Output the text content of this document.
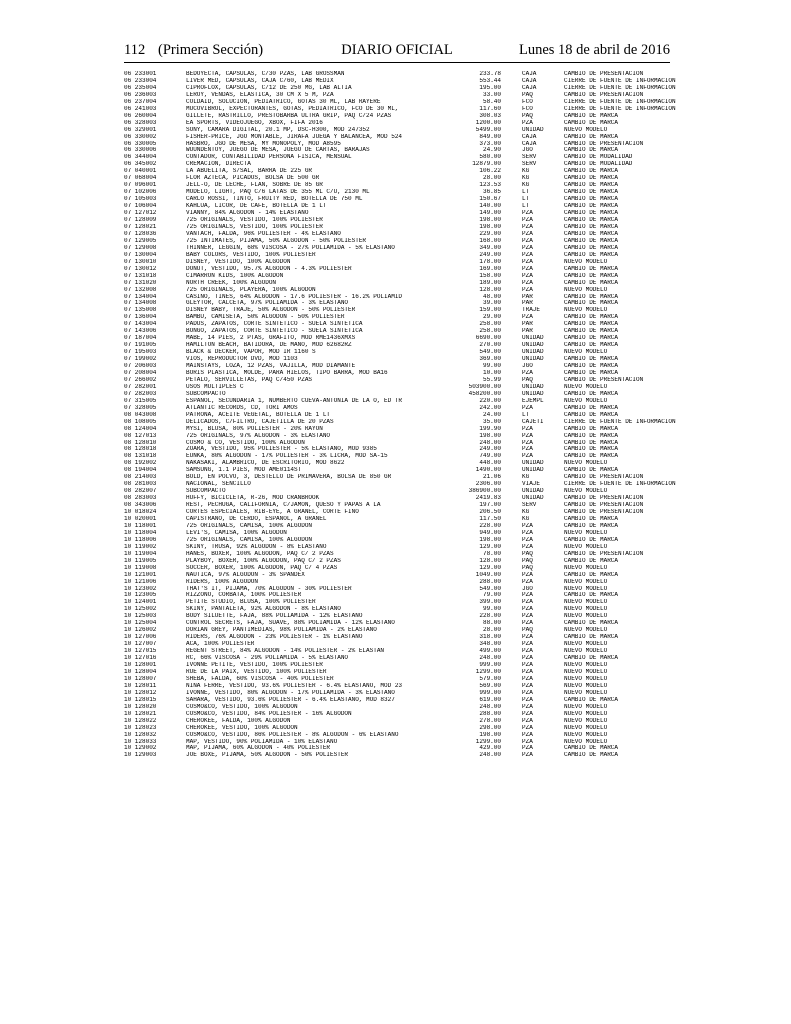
DIARIO OFICIAL
112 (Primera Sección)	Lunes 18 de abril de 2016
06 233001	BEDOYECTA, CAPSULAS, C/30 PZAS, LAB GROSSMAN	233.78		CAJA	CAMBIO DE PRESENTACION
06 233004	LIVER MED, CAPSULAS, CAJA C/60, LAB MEDIX	553.44		CAJA	CIERRE DE FUENTE DE INFORMACION
06 235004	CIPROFLOX, CAPSULAS, C/12 DE 250 MG, LAB ALTIA	195.00		CAJA	CIERRE DE FUENTE DE INFORMACION
06 236003	LEROY, VENDAS, ELASTICA, 30 CM X 5 M, PZA	33.00		PAQ	CAMBIO DE PRESENTACION
06 237004	COLDAID, SOLUCION, PEDIATRICO, GOTAS 30 ML, LAB RAYERE	58.40		FCO	CIERRE DE FUENTE DE INFORMACION
06 241003	MUCOVIBROL, EXPECTORANTES, GOTAS, PEDIATRICO, FCO DE 30 ML,	117.60		FCO	CIERRE DE FUENTE DE INFORMACION
06 260004	GILLETE, RASTRILLO, PRESTOBARBA ULTRA GRIP, PAQ C/24 PZAS	308.03		PAQ	CAMBIO DE MARCA
06 328003	EA SPORTS, VIDEOJUEGO, XBOX, FIFA 2016	1200.00		PZA	CAMBIO DE MARCA
06 329001	SONY, CAMARA DIGITAL, 20.1 MP, DSC-H300, MOD 247352	5499.00		UNIDAD	NUEVO MODELO
06 330002	FISHER-PRICE, JGO MONTABLE, JIRAFA JUEGA Y BALANCEA, MOD 524	849.00		CAJA	CAMBIO DE MARCA
06 330005	HASBRO, JGO DE MESA, MY MONOPOLY, MOD A8595	373.00		CAJA	CAMBIO DE PRESENTACION
06 330006	WUUNDENTOY, JUEGO DE MESA, JUEGO DE CARTAS, BARAJAS	24.90		JGO	CAMBIO DE MARCA
06 344004	CONTADOR, CONTABILIDAD PERSONA FISICA, MENSUAL	580.00		SERV	CAMBIO DE MODALIDAD
06 345002	CREMACION, DIRECTA	12879.00		SERV	CAMBIO DE MODALIDAD
07 040001	LA ABUELITA, S/SAL, BARRA DE 225 GR	106.22		KG	CAMBIO DE MARCA
07 068004	FLOR AZTECA, PICADOS, BOLSA DE 500 GR	28.00		KG	CAMBIO DE MARCA
07 096001	JELL-O, DE LECHE, FLAN, SOBRE DE 85 GR	123.53		KG	CAMBIO DE MARCA
07 102006	MODELO, LIGHT, PAQ C/6 LATAS DE 355 ML C/U, 2130 ML	36.85		LT	CAMBIO DE MARCA
07 105003	CARLO ROSSI, TINTO, FRUITY RED, BOTELLA DE 750 ML	150.67		LT	CAMBIO DE MARCA
07 106004	KAHLUA, LICOR, DE CAFE, BOTELLA DE 1 LT	140.00		LT	CAMBIO DE MARCA
07 127012	VIANNY, 84% ALGODON - 14% ELASTANO	149.00		PZA	CAMBIO DE MARCA
07 128009	725 ORIGINALS, VESTIDO, 100% POLIESTER	198.00		PZA	CAMBIO DE MARCA
07 128021	725 ORIGINALS, VESTIDO, 100% POLIESTER	198.00		PZA	CAMBIO DE MARCA
07 128036	VANTACH, FALDA, 96% POLIESTER - 4% ELASTANO	229.00		PZA	CAMBIO DE MARCA
07 129005	725 INTIMATES, PIJAMA, 50% ALGODON - 50% POLIESTER	168.00		PZA	CAMBIO DE MARCA
07 129008	THINNER, LEGGIN, 68% VISCOSA - 27% POLIAMIDA - 5% ELASTANO	349.00		PZA	CAMBIO DE MARCA
07 130004	BABY COLORS, VESTIDO, 100% POLIESTER	249.00		PZA	CAMBIO DE MARCA
07 130010	DISNEY, VESTIDO, 100% ALGODON	178.00		PZA	NUEVO MODELO
07 130012	DONUT, VESTIDO, 95.7% ALGODON - 4.3% POLIESTER	169.00		PZA	CAMBIO DE MARCA
07 131018	CIMARRON KIDS, 100% ALGODON	158.00		PZA	CAMBIO DE MARCA
07 131020	NORTH CREEK, 100% ALGODON	189.00		PZA	CAMBIO DE MARCA
07 132008	725 ORIGINALS, PLAYERA, 100% ALGODON	128.00		PZA	NUEVO MODELO
07 134004	CASINO, TINES, 64% ALGODON - 17.6 POLIESTER - 16.2% POLIAMID	48.00		PAR	CAMBIO DE MARCA
07 134008	GLEYTOR, CALCETA, 97% POLIAMIDA - 3% ELASTANO	39.00		PAR	CAMBIO DE MARCA
07 135008	DISNEY BABY, TRAJE, 50% ALGODON - 50% POLIESTER	159.00		TRAJE	NUEVO MODELO
07 136004	BAMBU, CAMISETA, 50% ALGODON - 50% POLIESTER	29.00		PZA	CAMBIO DE MARCA
07 143004	PADUS, ZAPATOS, CORTE SINTETICO - SUELA SINTETICA	258.00		PAR	CAMBIO DE MARCA
07 143006	BONGO, ZAPATOS, CORTE SINTETICO - SUELA SINTETICA	258.00		PAR	CAMBIO DE MARCA
07 187004	MABE, 14 PIES, 2 PTAS, GRAFITO, MOD RME1436XMXS	6690.00		UNIDAD	CAMBIO DE MARCA
07 191005	HAMILTON BEACH, BATIDORA, DE MANO, MOD 62682RZ	270.00		UNIDAD	CAMBIO DE MARCA
07 195003	BLACK & DECKER, VAPOR, MOD IR 1160 S	549.00		UNIDAD	NUEVO MODELO
07 199002	VIOS, REPRODUCTOR DVD, MOD 1103	369.00		UNIDAD	CAMBIO DE MARCA
07 206003	MAINSTAYS, LOZA, 12 PZAS, VAJILLA, MOD DIAMANTE	99.00		JGO	CAMBIO DE MARCA
07 208004	BORIS PLASTICA, MOLDE, PARA HIELOS, TIPO BARRA, MOD BA16	10.00		PZA	CAMBIO DE MARCA
07 266002	PETALO, SERVILLETAS, PAQ C/450 PZAS	55.99		PAQ	CAMBIO DE PRESENTACION
07 282001	USOS MULTIPLES C	503900.00		UNIDAD	NUEVO MODELO
07 282003	SUBCOMPACTO	458200.00		UNIDAD	CAMBIO DE MARCA
07 315005	ESPAÑOL, SECUNDARIA 1, NUMBERTO CUEVA-ANTONIA DE LA O, ED TR	220.00		EJEMPL	NUEVO MODELO
07 328005	ATLANTIC RECORDS, CD, TORI AMOS	242.00		PZA	CAMBIO DE MARCA
08 043008	PATRONA, ACEITE VEGETAL, BOTELLA DE 1 LT	24.00		LT	CAMBIO DE MARCA
08 108005	DELICADOS, C/FILTRO, CAJETILLA DE 20 PZAS	35.00		CAJETI	CIERRE DE FUENTE DE INFORMACION
08 124004	MYSI, BLUSA, 80% POLIESTER - 20% RAYON	199.90		PZA	CAMBIO DE MARCA
08 127013	725 ORIGINALS, 97% ALGODON - 3% ELASTANO	198.00		PZA	CAMBIO DE MARCA
08 128010	COSMO & CO, VESTIDO, 100% ALGODON	248.00		PZA	CAMBIO DE MARCA
08 128018	ZOARA, VESTIDO, 95% POLIESTER - 5% ELASTANO, MOD 9385	249.00		PZA	CAMBIO DE MARCA
08 131018	EUNKA, 80% ALGODON - 17% POLIESTER - 3% LICRA, MOD SA-15	749.00		PZA	CAMBIO DE MARCA
08 192002	NAKASAKI, ALAMBRICO, DE ESCRITORIO, MOD 8622	448.00		UNIDAD	NUEVO MODELO
08 194004	SAMSUNG, 1.1 PIES, MOD AME0114ST	1490.00		UNIDAD	CAMBIO DE MARCA
08 214003	BOLD, EN POLVO, 3, DESTELLO DE PRIMAVERA, BOLSA DE 850 GR	21.06		KG	CAMBIO DE PRESENTACION
08 281003	NACIONAL, SENCILLO	2306.00		VIAJE	CIERRE DE FUENTE DE INFORMACION
08 282007	SUBCOMPACTO	386900.00		UNIDAD	NUEVO MODELO
08 283003	HUFFY, BICICLETA, R-26, MOD CRANBROOK	2419.83		UNIDAD	CAMBIO DE PRESENTACION
08 343006	REST, PECHUGA, CALIFORNIA, C/JAMON, QUESO Y PAPAS A LA	197.00		SERV	CAMBIO DE PRESENTACION
10 018024	CORTES ESPECIALES, RIB-EYE, A GRANEL, CORTE FINO	206.50		KG	CAMBIO DE PRESENTACION
10 020001	CAPISTRANO, DE CERDO, ESPAÑOL, A GRANEL	117.50		KG	CAMBIO DE MARCA
10 118001	725 ORIGINALS, CAMISA, 100% ALGODON	228.00		PZA	CAMBIO DE MARCA
10 118004	LEVI'S, CAMISA, 100% ALGODON	949.00		PZA	NUEVO MODELO
10 118006	725 ORIGINALS, CAMISA, 100% ALGODON	198.00		PZA	CAMBIO DE MARCA
10 119002	SKINY, TRUSA, 92% ALGODON - 8% ELASTANO	129.00		PZA	NUEVO MODELO
10 119004	HANES, BOXER, 100% ALGODON, PAQ C/ 2 PZAS	78.00		PAQ	CAMBIO DE PRESENTACION
10 119005	PLAYBOY, BOXER, 100% ALGODON, PAQ C/ 2 PZAS	128.00		PAQ	CAMBIO DE MARCA
10 119008	SOCCER, BOXER, 100% ALGODON, PAQ C/ 4 PZAS	129.00		PAQ	NUEVO MODELO
10 121001	NAUTICA, 97% ALGODON - 3% SPANDEX	1049.00		PZA	CAMBIO DE MARCA
10 121006	RIDERS, 100% ALGODON	288.00		PZA	NUEVO MODELO
10 123002	THAT'S IT, PIJAMA, 70% ALGODON - 30% POLIESTER	549.00		JGO	NUEVO MODELO
10 123005	RIZZONO, CORBATA, 100% POLIESTER	79.00		PZA	CAMBIO DE MARCA
10 124001	PETITE STUDIO, BLUSA, 100% POLIESTER	399.00		PZA	NUEVO MODELO
10 125002	SKINY, PANTALETA, 92% ALGODON - 8% ELASTANO	99.00		PZA	NUEVO MODELO
10 125003	BODY SILUETTE, FAJA, 88% POLIAMIDA - 12% ELASTANO	228.00		PZA	NUEVO MODELO
10 125004	CONTROL SECRETS, FAJA, SUAVE, 88% POLIAMIDA - 12% ELASTANO	88.00		PZA	CAMBIO DE MARCA
10 126002	DORIAN GREY, PANTIMEDIAS, 98% POLIAMIDA - 2% ELASTANO	28.00		PAQ	NUEVO MODELO
10 127006	RIDERS, 76% ALGODON - 23% POLIESTER - 1% ELASTANO	318.00		PZA	CAMBIO DE MARCA
10 127007	ACA, 100% POLIESTER	348.00		PZA	NUEVO MODELO
10 127015	REGENT STREET, 84% ALGODON - 14% POLIESTER - 2% ELASTAN	499.00		PZA	NUEVO MODELO
10 127016	RC, 66% VISCOSA - 29% POLIAMIDA - 5% ELASTANO	248.00		PZA	CAMBIO DE MARCA
10 128001	IVONNE PETITE, VESTIDO, 100% POLIESTER	999.00		PZA	NUEVO MODELO
10 128004	RUE DE LA PAIX, VESTIDO, 100% POLIESTER	1299.00		PZA	NUEVO MODELO
10 128007	SHEBA, FALDA, 60% VISCOSA - 40% POLIESTER	579.00		PZA	NUEVO MODELO
10 128011	NINA FERRE, VESTIDO, 93.6% POLIESTER - 6.4% ELASTANO, MOD 23	569.00		PZA	NUEVO MODELO
10 128012	IVONNE, VESTIDO, 80% ALGODON - 17% POLIAMIDA - 3% ELASTANO	999.00		PZA	NUEVO MODELO
10 128015	SAHARA, VESTIDO, 93.6% POLIESTER - 6.4% ELASTANO, MOD 8327	619.00		PZA	CAMBIO DE MARCA
10 128020	COSMO&CO, VESTIDO, 100% ALGODON	248.00		PZA	NUEVO MODELO
10 128021	COSMO&CO, VESTIDO, 84% POLIESTER - 16% ALGODON	288.00		PZA	NUEVO MODELO
10 128022	CHEROKEE, FALDA, 100% ALGODON	278.00		PZA	NUEVO MODELO
10 128023	CHEROKEE, VESTIDO, 100% ALGODON	298.00		PZA	NUEVO MODELO
10 128032	COSMO&CO, VESTIDO, 86% POLIESTER - 8% ALGODON - 6% ELASTANO	198.00		PZA	NUEVO MODELO
10 128033	MAP, VESTIDO, 90% POLIAMIDA - 10% ELASTANO	1299.00		PZA	NUEVO MODELO
10 129002	MAP, PIJAMA, 60% ALGODON - 40% POLIESTER	429.00		PZA	CAMBIO DE MARCA
10 129003	JOE BOXE, PIJAMA, 50% ALGODON - 50% POLIESTER	248.00		PZA	CAMBIO DE MARCA
